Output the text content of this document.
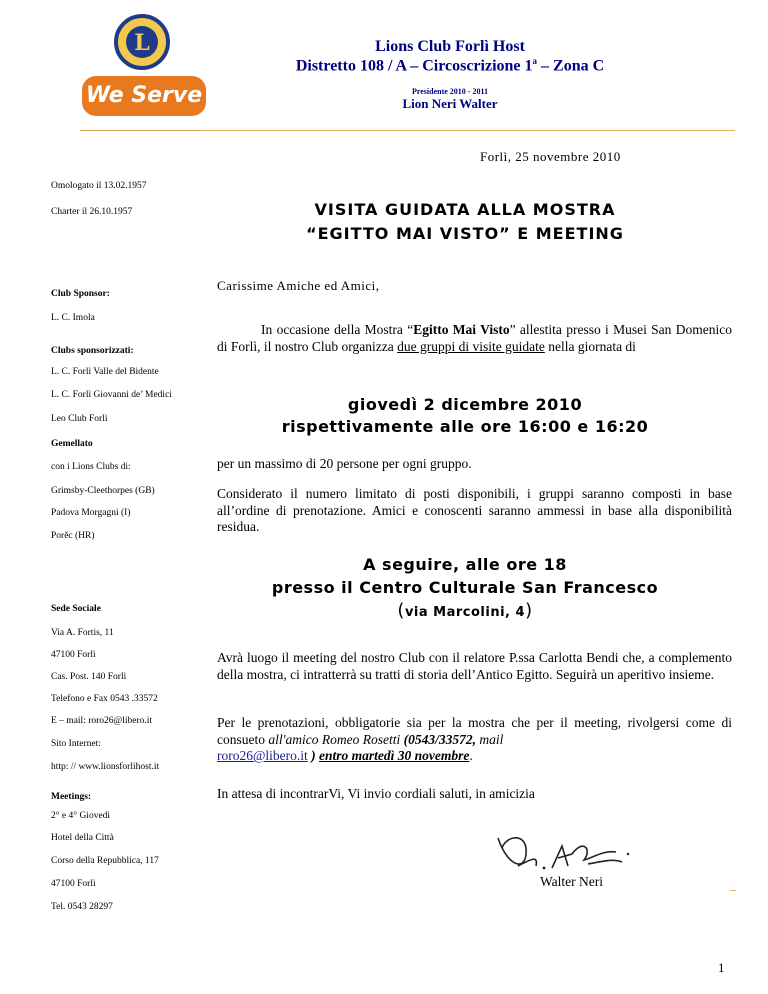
L
We Serve
Lions Club Forlì Host
Distretto 108 / A – Circoscrizione 1$^a$ – Zona C
Presidente 2010 - 2011
Lion Neri Walter
Forlì, 25 novembre 2010
Omologato il 13.02.1957
Charter il 26.10.1957
Club Sponsor:
L. C. Imola
Clubs sponsorizzati:
L. C. Forlì Valle del Bidente
L. C. Forlì Giovanni de’ Medici
Leo Club Forlì
Gemellato
con i Lions Clubs di:
Grimsby-Cleethorpes (GB)
Padova Morgagni (I)
Porěc (HR)
Sede Sociale
Via A. Fortis, 11
47100 Forlì
Cas. Post. 140 Forlì
Telefono e Fax 0543 .33572
E – mail: roro26@libero.it
Sito Internet:
http: // www.lionsforlihost.it
Meetings:
2° e 4° Giovedì
Hotel della Città
Corso della Repubblica, 117
47100 Forlì
Tel. 0543 28297
VISITA GUIDATA ALLA MOSTRA
“EGITTO MAI VISTO” E MEETING
Carissime Amiche ed Amici,
In occasione della Mostra “Egitto Mai Visto” allestita presso i Musei San Domenico di Forlì, il nostro Club organizza due gruppi di visite guidate nella giornata di
giovedì 2 dicembre 2010
rispettivamente alle ore 16:00 e 16:20
per un massimo di 20 persone per ogni gruppo.
Considerato il numero limitato di posti disponibili, i gruppi saranno composti in base all’ordine di prenotazione. Amici e conoscenti saranno ammessi in base alla disponibilità residua.
A seguire, alle ore 18
presso il Centro Culturale San Francesco
(via Marcolini, 4)
Avrà luogo il meeting del nostro Club con il relatore P.ssa Carlotta Bendi che, a complemento della mostra, ci intratterrà su tratti di storia dell’Antico Egitto. Seguirà un aperitivo insieme.
Per le prenotazioni, obbligatorie sia per la mostra che per il meeting, rivolgersi come di consueto all'amico Romeo Rosetti (0543/33572, mail
roro26@libero.it ) entro martedì 30 novembre.
In attesa di incontrarVi, Vi invio cordiali saluti, in amicizia
Walter Neri
1
